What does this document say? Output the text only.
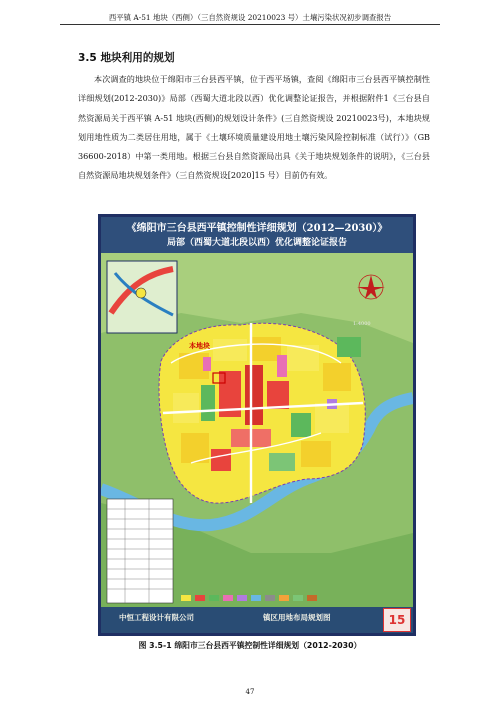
西平镇 A-51 地块（西侧）（三自然资规设 20210023 号）土壤污染状况初步调查报告
3.5 地块利用的规划
本次调查的地块位于绵阳市三台县西平镇，位于西平场镇，查阅《绵阳市三台县西平镇控制性详细规划(2012-2030)》局部（西蜀大道北段以西）优化调整论证报告，并根据附件1《三台县自然资源局关于西平镇 A-51 地块(西侧)的规划设计条件》(三自然资规设 20210023号)，本地块规划用地性质为二类居住用地，属于《土壤环境质量建设用地土壤污染风险控制标准（试行）》（GB 36600-2018）中第一类用地。根据三台县自然资源局出具《关于地块规划条件的说明》，《三台县自然资源局地块规划条件》（三自然资规设[2020]15 号）目前仍有效。
《绵阳市三台县西平镇控制性详细规划（2012—2030）》
局部（西蜀大道北段以西）优化调整论证报告
本地块
1:4000
中恒工程设计有限公司	镇区用地布局规划图	15
图 3.5-1 绵阳市三台县西平镇控制性详细规划（2012-2030）
47
